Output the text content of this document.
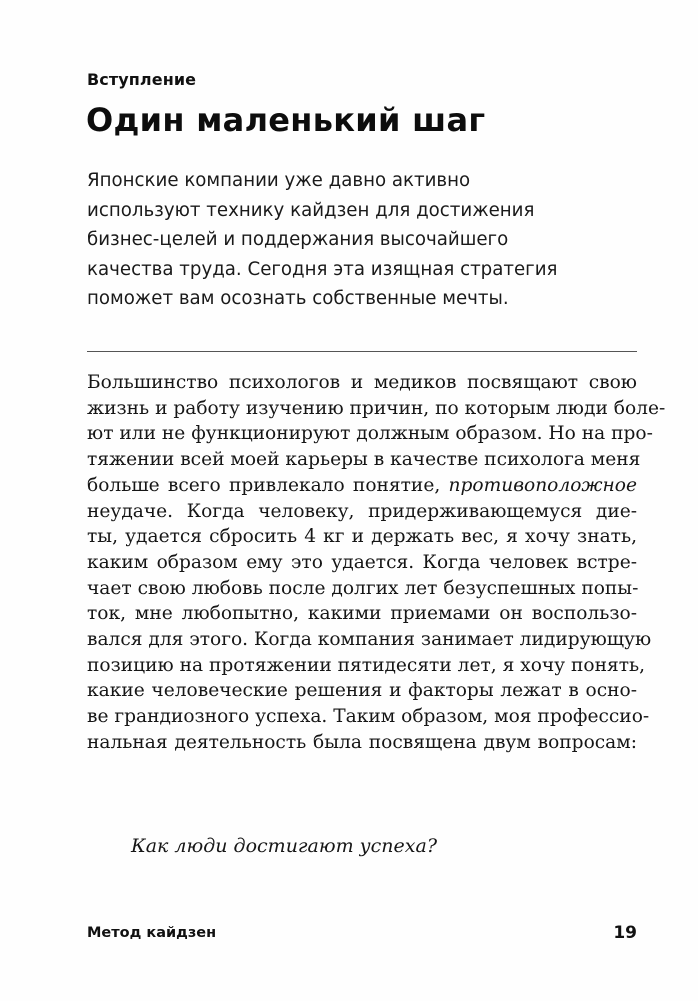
Вступление
Один маленький шаг

Японские компании уже давно активно
используют технику кайдзен для достижения
бизнес-целей и поддержания высочайшего
качества труда. Сегодня эта изящная стратегия
поможет вам осознать собственные мечты.

Большинство психологов и медиков посвящают свою
жизнь и работу изучению причин, по которым люди боле-
ют или не функционируют должным образом. Но на про-
тяжении всей моей карьеры в качестве психолога меня
больше всего привлекало понятие, противоположное
неудаче. Когда человеку, придерживающемуся дие-
ты, удается сбросить 4 кг и держать вес, я хочу знать,
каким образом ему это удается. Когда человек встре-
чает свою любовь после долгих лет безуспешных попы-
ток, мне любопытно, какими приемами он воспользо-
вался для этого. Когда компания занимает лидирующую
позицию на протяжении пятидесяти лет, я хочу понять,
какие человеческие решения и факторы лежат в осно-
ве грандиозного успеха. Таким образом, моя профессио-
нальная деятельность была посвящена двум вопросам:

Как люди достигают успеха?

Метод кайдзен	19
